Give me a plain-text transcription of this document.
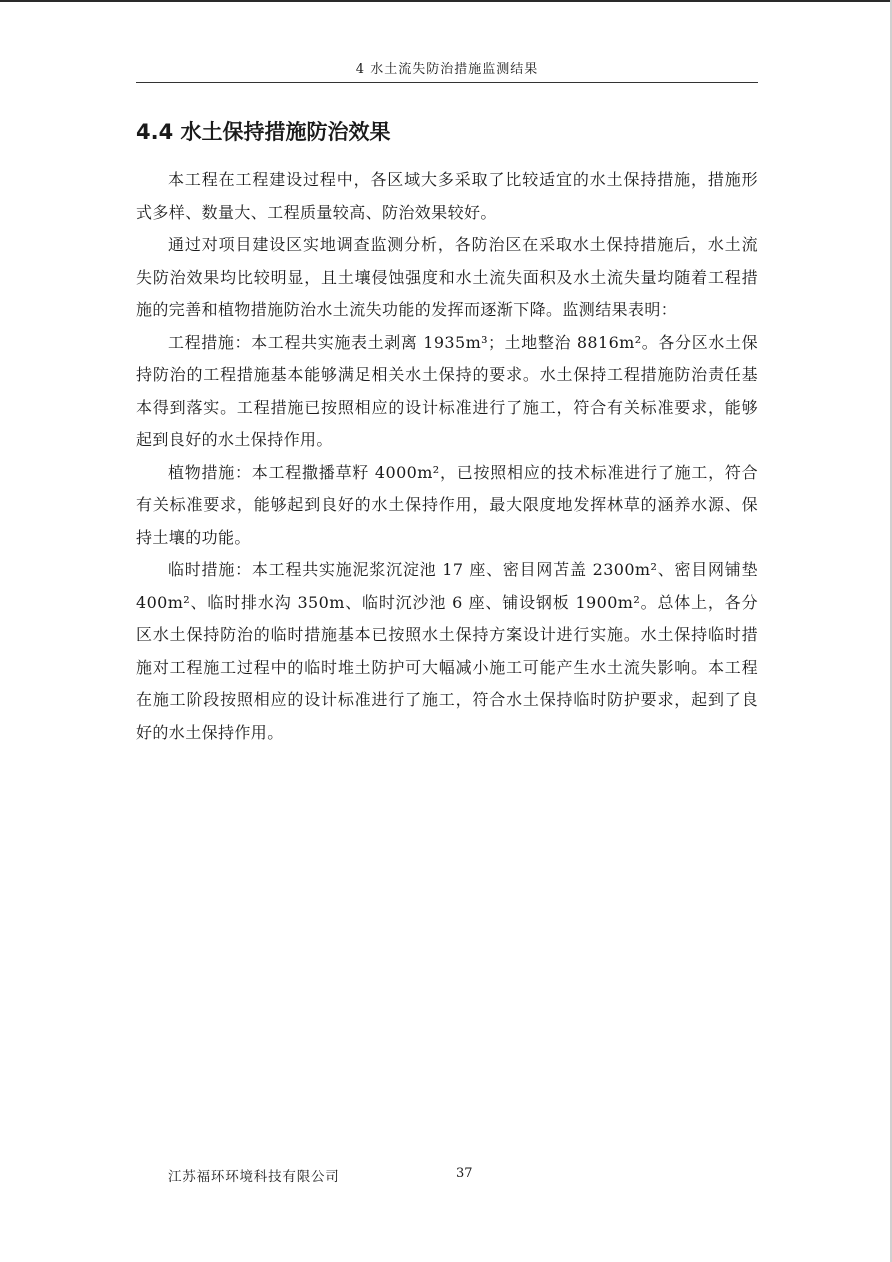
4 水土流失防治措施监测结果
4.4 水土保持措施防治效果

本工程在工程建设过程中，各区域大多采取了比较适宜的水土保持措施，措施形式多样、数量大、工程质量较高、防治效果较好。

通过对项目建设区实地调查监测分析，各防治区在采取水土保持措施后，水土流失防治效果均比较明显，且土壤侵蚀强度和水土流失面积及水土流失量均随着工程措施的完善和植物措施防治水土流失功能的发挥而逐渐下降。监测结果表明：

工程措施：本工程共实施表土剥离 1935m³；土地整治 8816m²。各分区水土保持防治的工程措施基本能够满足相关水土保持的要求。水土保持工程措施防治责任基本得到落实。工程措施已按照相应的设计标准进行了施工，符合有关标准要求，能够起到良好的水土保持作用。

植物措施：本工程撒播草籽 4000m²，已按照相应的技术标准进行了施工，符合有关标准要求，能够起到良好的水土保持作用，最大限度地发挥林草的涵养水源、保持土壤的功能。

临时措施：本工程共实施泥浆沉淀池 17 座、密目网苫盖 2300m²、密目网铺垫 400m²、临时排水沟 350m、临时沉沙池 6 座、铺设钢板 1900m²。总体上，各分区水土保持防治的临时措施基本已按照水土保持方案设计进行实施。水土保持临时措施对工程施工过程中的临时堆土防护可大幅减小施工可能产生水土流失影响。本工程在施工阶段按照相应的设计标准进行了施工，符合水土保持临时防护要求，起到了良好的水土保持作用。

江苏福环环境科技有限公司	37
